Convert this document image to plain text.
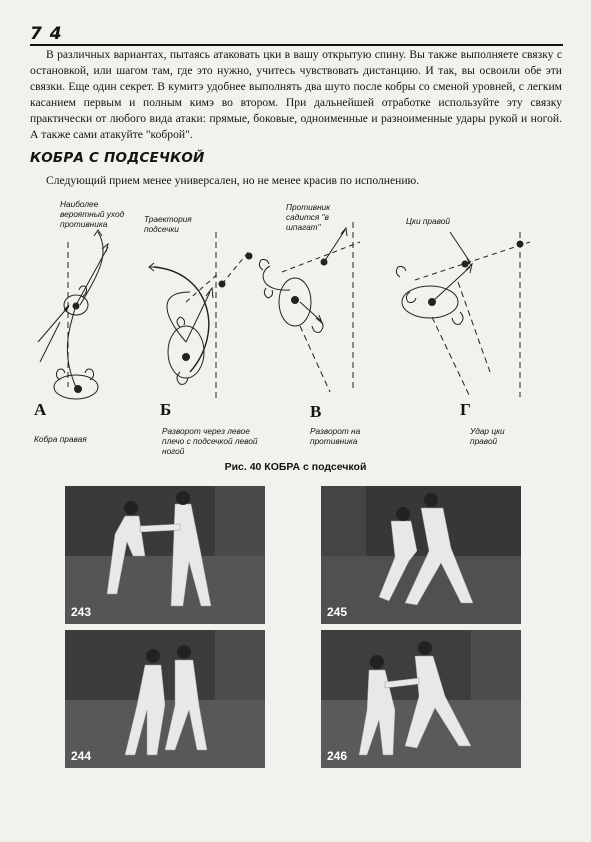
7 4

В различных вариантах, пытаясь атаковать цки в вашу открытую спину. Вы также выполняете связку с остановкой, или шагом там, где это нужно, учитесь чувствовать дистанцию. И так, вы освоили обе эти связки. Еще один секрет. В кумитэ удобнее выполнять два шуто после кобры со сменой уровней, с легким касанием первым и полным кимэ во втором. При дальнейшей отработке используйте эту связку практически от любого вида атаки: прямые, боковые, одноименные и разноименные удары рукой и ногой. А также сами атакуйте "коброй".

КОБРА С ПОДСЕЧКОЙ

Следующий прием менее универсален, но не менее красив по исполнению.

Наиболее вероятный уход противника	Траектория подсечки
Противник садится "в шпагат"
Цки правой
А	Б	В	Г
Кобра правая
Разворот через левое плечо с подсечкой левой ногой
Разворот на противника
Удар цки правой
Рис. 40 КОБРА с подсечкой
243
244
245
246
